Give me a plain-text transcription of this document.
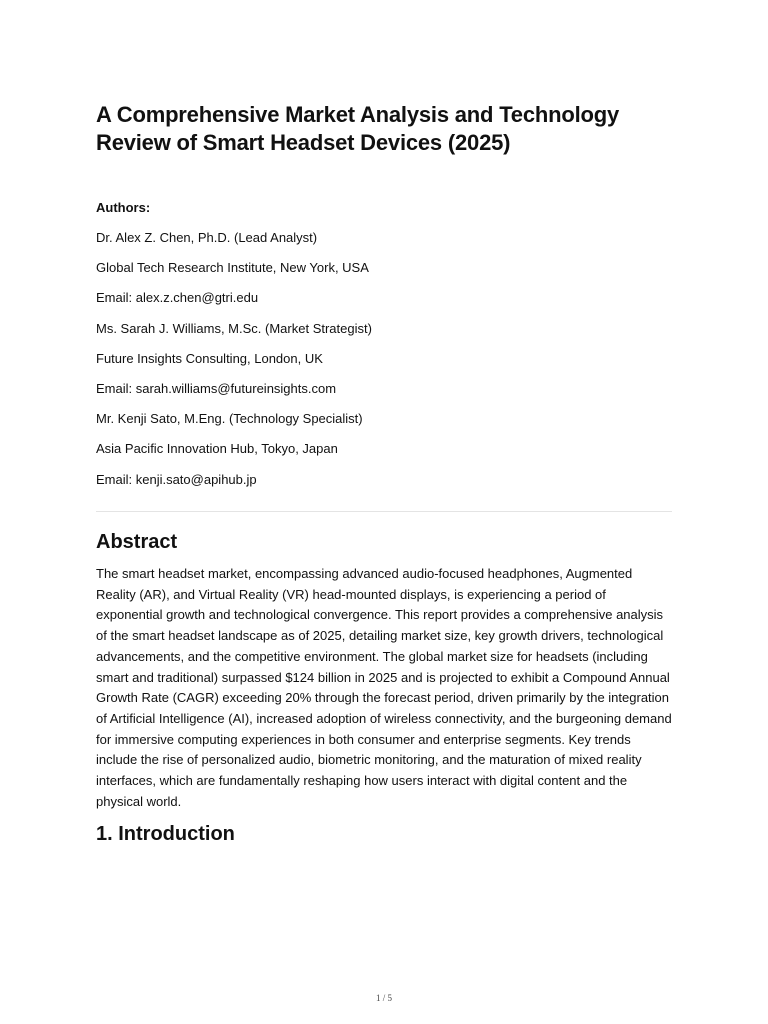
A Comprehensive Market Analysis and Technology Review of Smart Headset Devices (2025)
Authors:
Dr. Alex Z. Chen, Ph.D. (Lead Analyst)
Global Tech Research Institute, New York, USA
Email: alex.z.chen@gtri.edu
Ms. Sarah J. Williams, M.Sc. (Market Strategist)
Future Insights Consulting, London, UK
Email: sarah.williams@futureinsights.com
Mr. Kenji Sato, M.Eng. (Technology Specialist)
Asia Pacific Innovation Hub, Tokyo, Japan
Email: kenji.sato@apihub.jp
Abstract

The smart headset market, encompassing advanced audio-focused headphones, Augmented Reality (AR), and Virtual Reality (VR) head-mounted displays, is experiencing a period of exponential growth and technological convergence. This report provides a comprehensive analysis of the smart headset landscape as of 2025, detailing market size, key growth drivers, technological advancements, and the competitive environment. The global market size for headsets (including smart and traditional) surpassed $124 billion in 2025 and is projected to exhibit a Compound Annual Growth Rate (CAGR) exceeding 20% through the forecast period, driven primarily by the integration of Artificial Intelligence (AI), increased adoption of wireless connectivity, and the burgeoning demand for immersive computing experiences in both consumer and enterprise segments. Key trends include the rise of personalized audio, biometric monitoring, and the maturation of mixed reality interfaces, which are fundamentally reshaping how users interact with digital content and the physical world.

1. Introduction
1 / 5
